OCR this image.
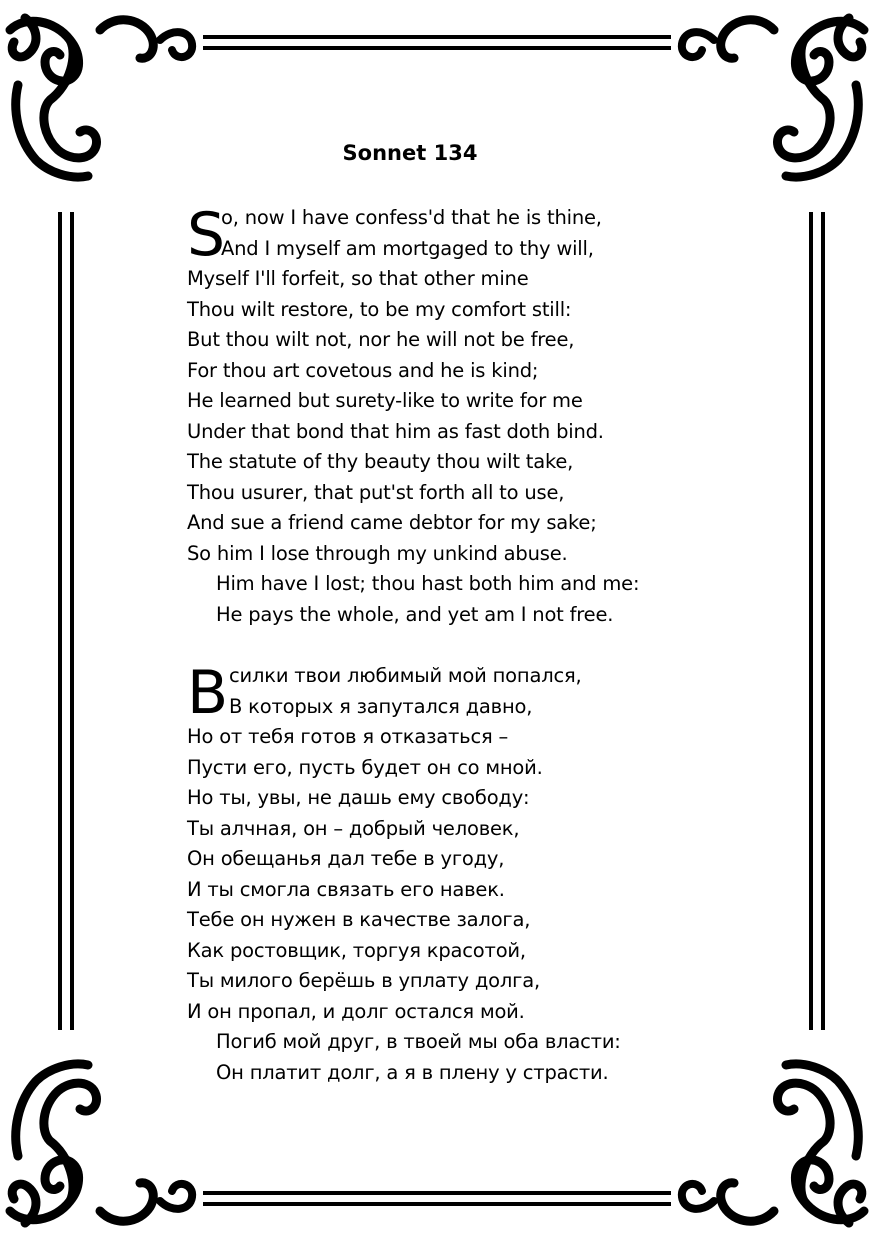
Sonnet 134
S
o, now I have confess'd that he is thine,
And I myself am mortgaged to thy will,
Myself I'll forfeit, so that other mine
Thou wilt restore, to be my comfort still:
But thou wilt not, nor he will not be free,
For thou art covetous and he is kind;
He learned but surety-like to write for me
Under that bond that him as fast doth bind.
The statute of thy beauty thou wilt take,
Thou usurer, that put'st forth all to use,
And sue a friend came debtor for my sake;
So him I lose through my unkind abuse.
Him have I lost; thou hast both him and me:
He pays the whole, and yet am I not free.
В силки твои любимый мой попался,
В которых я запутался давно,
Но от тебя готов я отказаться –
Пусти его, пусть будет он со мной.
Но ты, увы, не дашь ему свободу:
Ты алчная, он – добрый человек,
Он обещанья дал тебе в угоду,
И ты смогла связать его навек.
Тебе он нужен в качестве залога,
Как ростовщик, торгуя красотой,
Ты милого берёшь в уплату долга,
И он пропал, и долг остался мой.
Погиб мой друг, в твоей мы оба власти:
Он платит долг, а я в плену у страсти.
